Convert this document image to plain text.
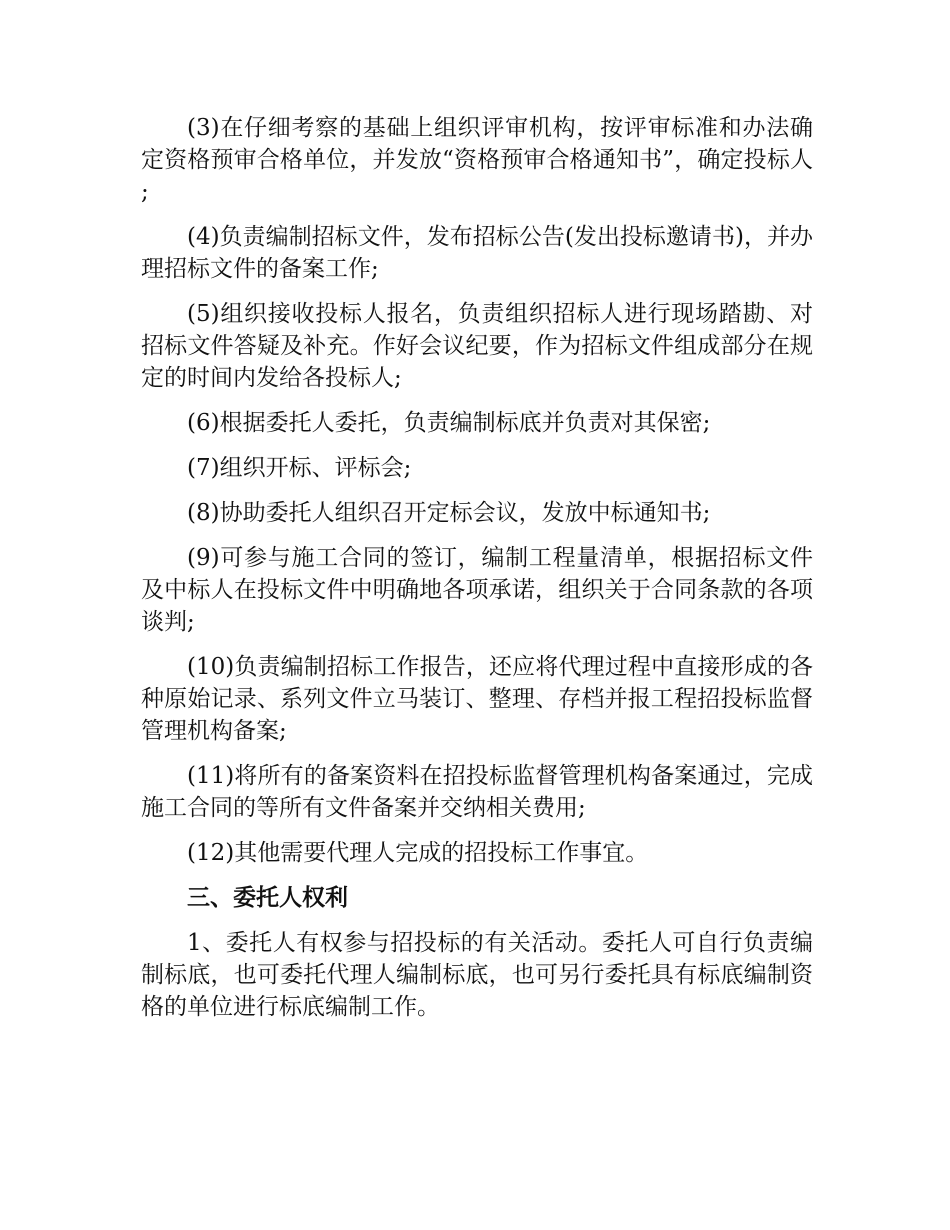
(3)在仔细考察的基础上组织评审机构，按评审标准和办法确定资格预审合格单位，并发放“资格预审合格通知书”，确定投标人;

(4)负责编制招标文件，发布招标公告(发出投标邀请书)，并办理招标文件的备案工作;

(5)组织接收投标人报名，负责组织招标人进行现场踏勘、对招标文件答疑及补充。作好会议纪要，作为招标文件组成部分在规定的时间内发给各投标人;

(6)根据委托人委托，负责编制标底并负责对其保密;

(7)组织开标、评标会;

(8)协助委托人组织召开定标会议，发放中标通知书;

(9)可参与施工合同的签订，编制工程量清单，根据招标文件及中标人在投标文件中明确地各项承诺，组织关于合同条款的各项谈判;

(10)负责编制招标工作报告，还应将代理过程中直接形成的各种原始记录、系列文件立马装订、整理、存档并报工程招投标监督管理机构备案;

(11)将所有的备案资料在招投标监督管理机构备案通过，完成施工合同的等所有文件备案并交纳相关费用;

(12)其他需要代理人完成的招投标工作事宜。

三、委托人权利

1、委托人有权参与招投标的有关活动。委托人可自行负责编制标底，也可委托代理人编制标底，也可另行委托具有标底编制资格的单位进行标底编制工作。
